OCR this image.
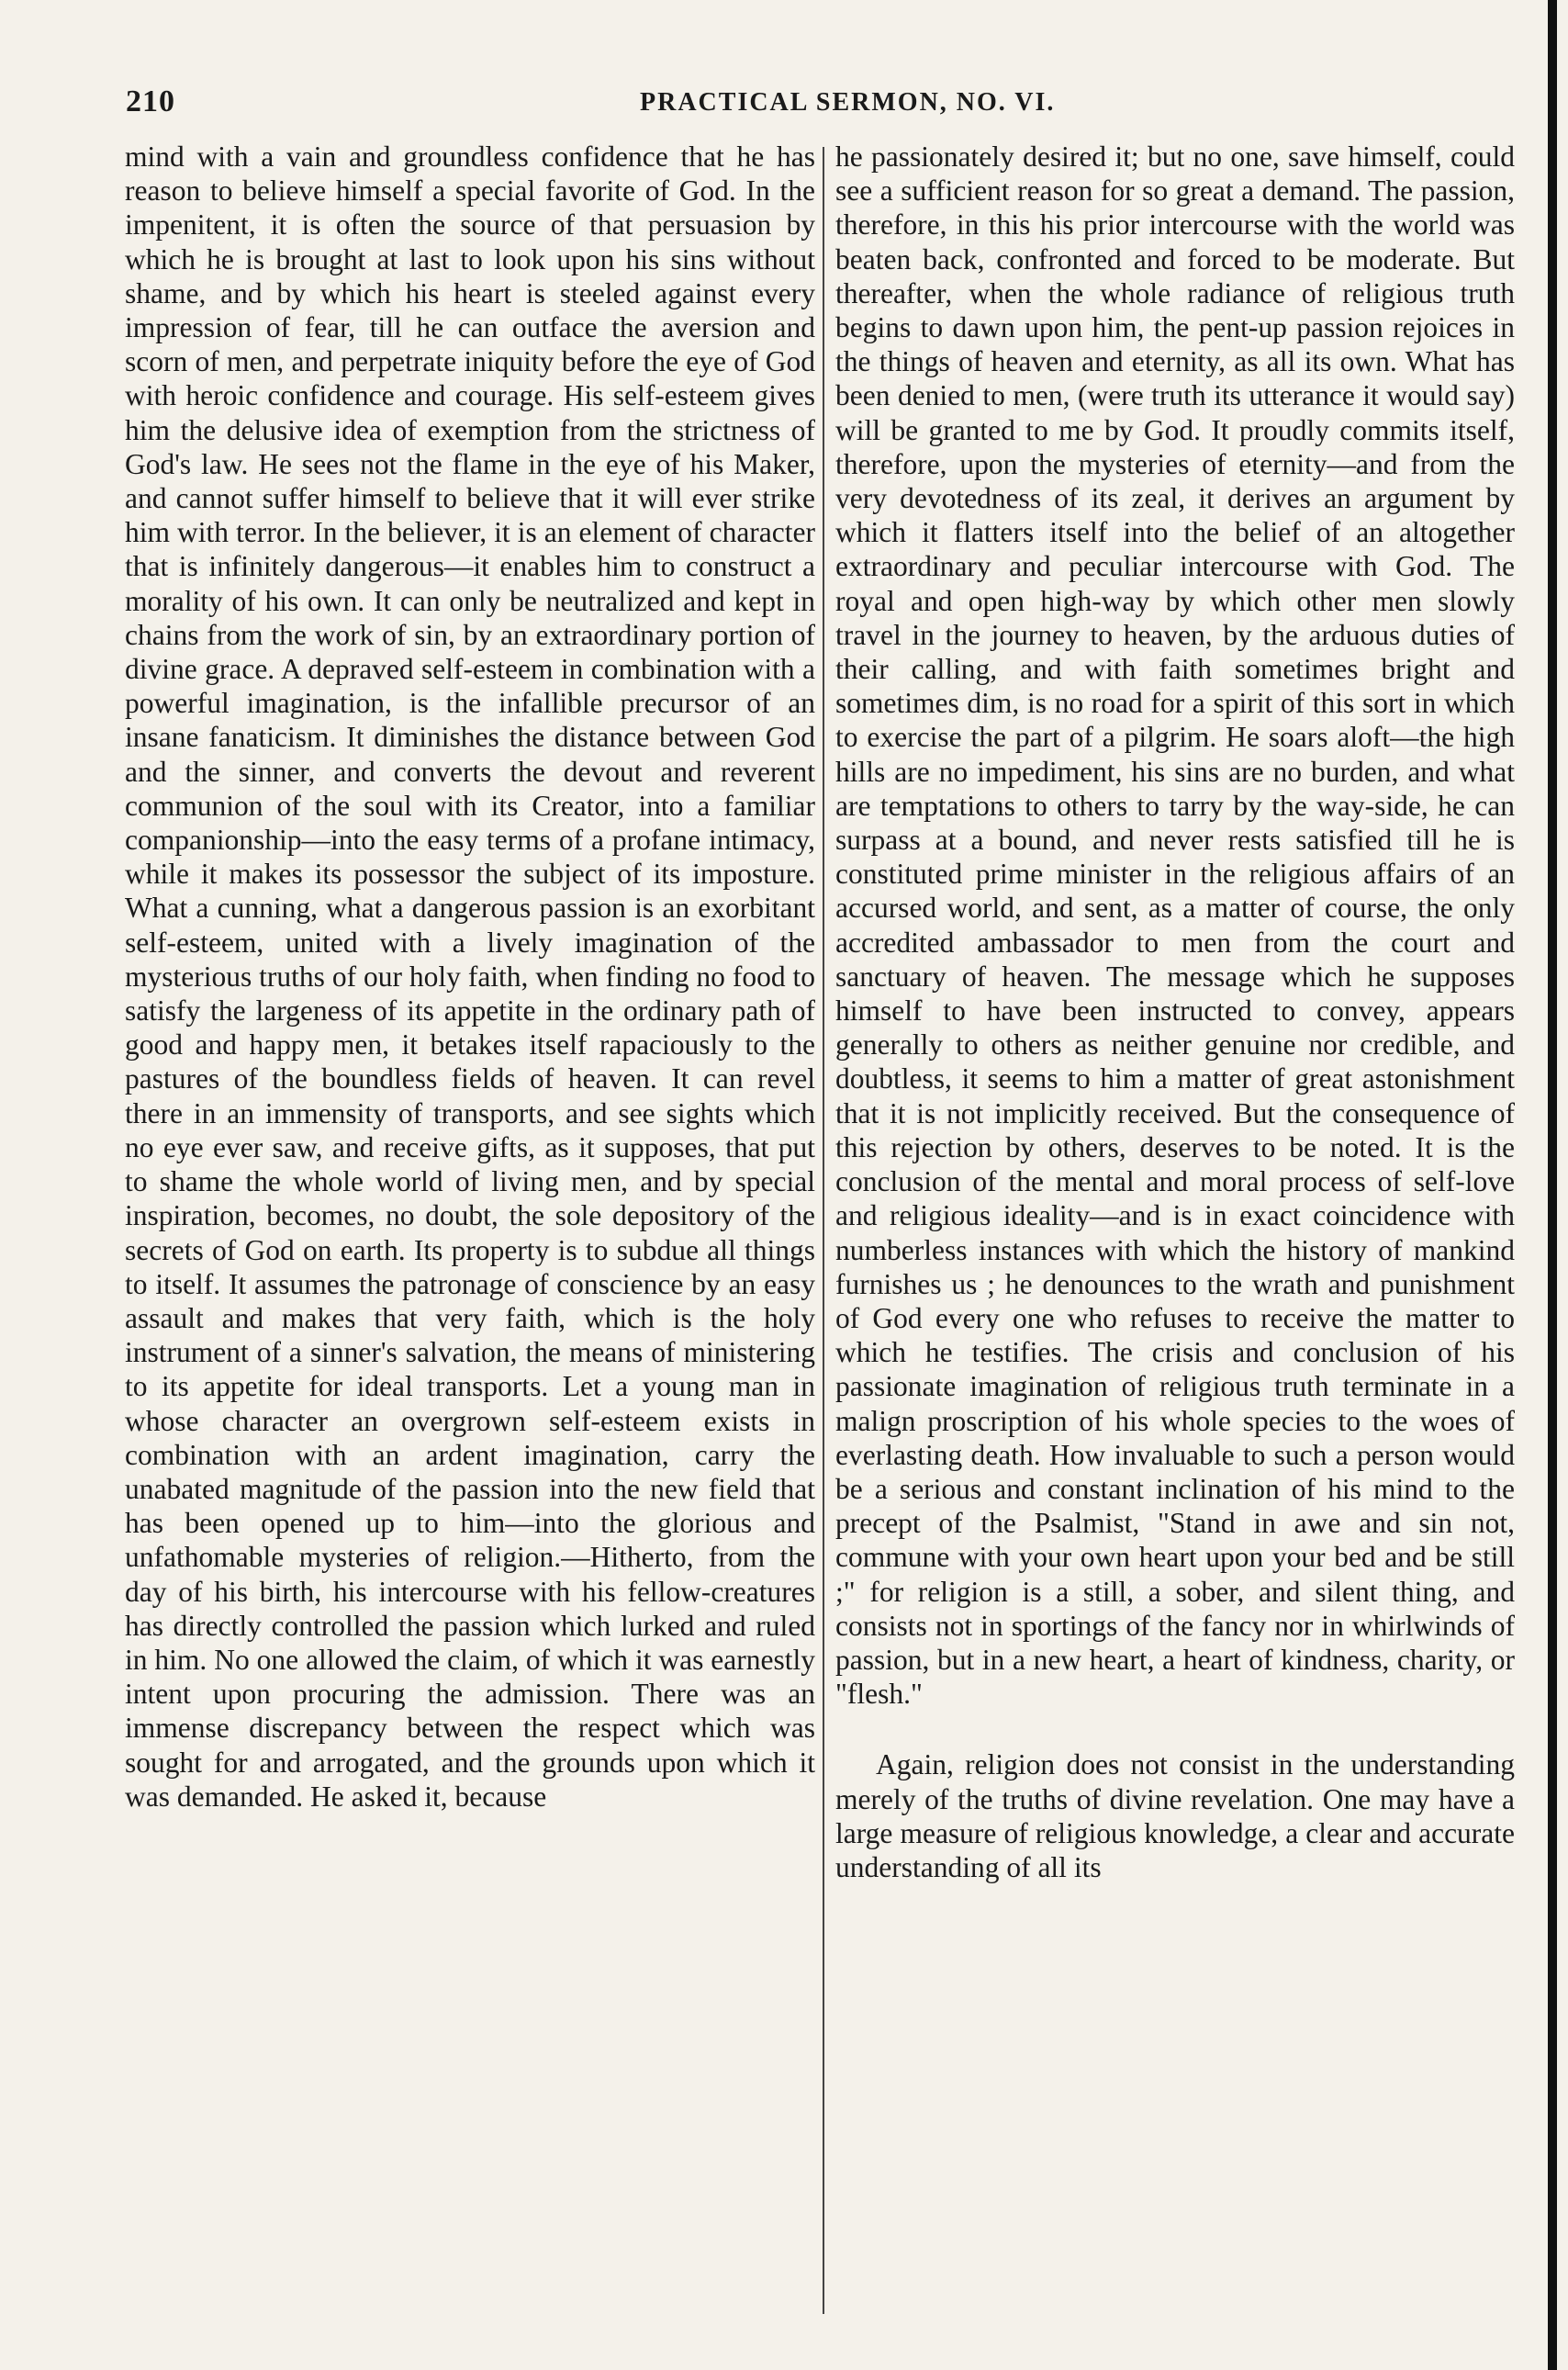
210	PRACTICAL SERMON, NO. VI.

mind with a vain and groundless confidence that he has reason to believe himself a special favorite of God. In the impenitent, it is often the source of that persuasion by which he is brought at last to look upon his sins without shame, and by which his heart is steeled against every impression of fear, till he can outface the aversion and scorn of men, and perpetrate iniquity before the eye of God with heroic confidence and courage. His self-esteem gives him the delusive idea of exemption from the strictness of God's law. He sees not the flame in the eye of his Maker, and cannot suffer himself to believe that it will ever strike him with terror. In the believer, it is an element of character that is infinitely dangerous—it enables him to construct a morality of his own. It can only be neutralized and kept in chains from the work of sin, by an extraordinary portion of divine grace. A depraved self-esteem in combination with a powerful imagination, is the infallible precursor of an insane fanaticism. It diminishes the distance between God and the sinner, and converts the devout and reverent communion of the soul with its Creator, into a familiar companionship—into the easy terms of a profane intimacy, while it makes its possessor the subject of its imposture. What a cunning, what a dangerous passion is an exorbitant self-esteem, united with a lively imagination of the mysterious truths of our holy faith, when finding no food to satisfy the largeness of its appetite in the ordinary path of good and happy men, it betakes itself rapaciously to the pastures of the boundless fields of heaven. It can revel there in an immensity of transports, and see sights which no eye ever saw, and receive gifts, as it supposes, that put to shame the whole world of living men, and by special inspiration, becomes, no doubt, the sole depository of the secrets of God on earth. Its property is to subdue all things to itself. It assumes the patronage of conscience by an easy assault and makes that very faith, which is the holy instrument of a sinner's salvation, the means of ministering to its appetite for ideal transports. Let a young man in whose character an overgrown self-esteem exists in combination with an ardent imagination, carry the unabated magnitude of the passion into the new field that has been opened up to him—into the glorious and unfathomable mysteries of religion.—Hitherto, from the day of his birth, his intercourse with his fellow-creatures has directly controlled the passion which lurked and ruled in him. No one allowed the claim, of which it was earnestly intent upon procuring the admission. There was an immense discrepancy between the respect which was sought for and arrogated, and the grounds upon which it was demanded. He asked it, because

he passionately desired it; but no one, save himself, could see a sufficient reason for so great a demand. The passion, therefore, in this his prior intercourse with the world was beaten back, confronted and forced to be moderate. But thereafter, when the whole radiance of religious truth begins to dawn upon him, the pent-up passion rejoices in the things of heaven and eternity, as all its own. What has been denied to men, (were truth its utterance it would say) will be granted to me by God. It proudly commits itself, therefore, upon the mysteries of eternity—and from the very devotedness of its zeal, it derives an argument by which it flatters itself into the belief of an altogether extraordinary and peculiar intercourse with God. The royal and open high-way by which other men slowly travel in the journey to heaven, by the arduous duties of their calling, and with faith sometimes bright and sometimes dim, is no road for a spirit of this sort in which to exercise the part of a pilgrim. He soars aloft—the high hills are no impediment, his sins are no burden, and what are temptations to others to tarry by the way-side, he can surpass at a bound, and never rests satisfied till he is constituted prime minister in the religious affairs of an accursed world, and sent, as a matter of course, the only accredited ambassador to men from the court and sanctuary of heaven. The message which he supposes himself to have been instructed to convey, appears generally to others as neither genuine nor credible, and doubtless, it seems to him a matter of great astonishment that it is not implicitly received. But the consequence of this rejection by others, deserves to be noted. It is the conclusion of the mental and moral process of self-love and religious ideality—and is in exact coincidence with numberless instances with which the history of mankind furnishes us ; he denounces to the wrath and punishment of God every one who refuses to receive the matter to which he testifies. The crisis and conclusion of his passionate imagination of religious truth terminate in a malign proscription of his whole species to the woes of everlasting death. How invaluable to such a person would be a serious and constant inclination of his mind to the precept of the Psalmist, "Stand in awe and sin not, commune with your own heart upon your bed and be still ;" for religion is a still, a sober, and silent thing, and consists not in sportings of the fancy nor in whirlwinds of passion, but in a new heart, a heart of kindness, charity, or "flesh."

Again, religion does not consist in the understanding merely of the truths of divine revelation. One may have a large measure of religious knowledge, a clear and accurate understanding of all its
